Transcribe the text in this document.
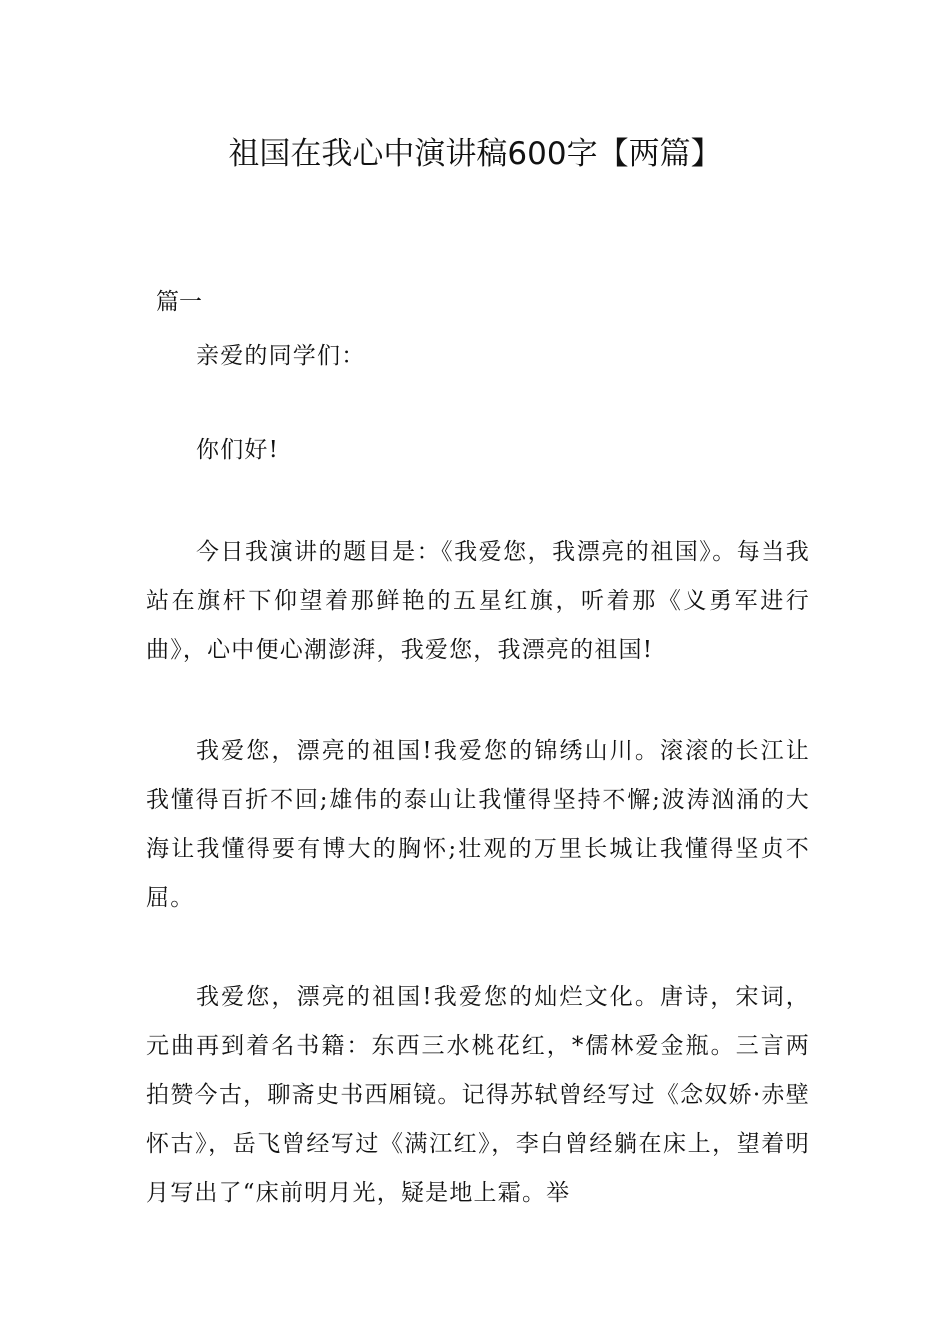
祖国在我心中演讲稿600字【两篇】
篇一

亲爱的同学们：

你们好!

今日我演讲的题目是：《我爱您，我漂亮的祖国》。每当我站在旗杆下仰望着那鲜艳的五星红旗，听着那《义勇军进行曲》，心中便心潮澎湃，我爱您，我漂亮的祖国!

我爱您，漂亮的祖国!我爱您的锦绣山川。滚滚的长江让我懂得百折不回;雄伟的泰山让我懂得坚持不懈;波涛汹涌的大海让我懂得要有博大的胸怀;壮观的万里长城让我懂得坚贞不屈。

我爱您，漂亮的祖国!我爱您的灿烂文化。唐诗，宋词，元曲再到着名书籍：东西三水桃花红，*儒林爱金瓶。三言两拍赞今古，聊斋史书西厢镜。记得苏轼曾经写过《念奴娇·赤壁怀古》，岳飞曾经写过《满江红》，李白曾经躺在床上，望着明月写出了“床前明月光，疑是地上霜。举
